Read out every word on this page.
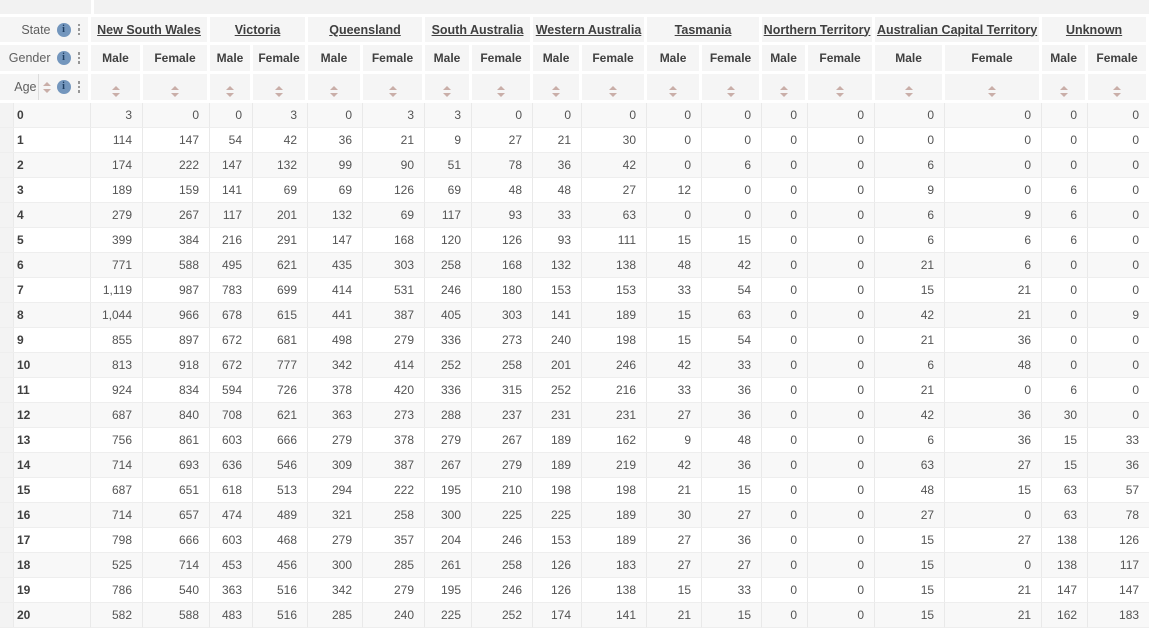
State i	New South Wales		Victoria		Queensland		South Australia		Western Australia		Tasmania		Northern Territory		Australian Capital Territory		Unknown	

Gender i	Male	Female	Male	Female	Male	Female	Male	Female	Male	Female	Male	Female	Male	Female	Male	Female	Male	Female

Age i																		

0	3	0	0	3	0	3	3	0	0	0	0	0	0	0	0	0	0	0
1	114	147	54	42	36	21	9	27	21	30	0	0	0	0	0	0	0	0
2	174	222	147	132	99	90	51	78	36	42	0	6	0	0	6	0	0	0
3	189	159	141	69	69	126	69	48	48	27	12	0	0	0	9	0	6	0
4	279	267	117	201	132	69	117	93	33	63	0	0	0	0	6	9	6	0
5	399	384	216	291	147	168	120	126	93	111	15	15	0	0	6	6	6	0
6	771	588	495	621	435	303	258	168	132	138	48	42	0	0	21	6	0	0
7	1,119	987	783	699	414	531	246	180	153	153	33	54	0	0	15	21	0	0
8	1,044	966	678	615	441	387	405	303	141	189	15	63	0	0	42	21	0	9
9	855	897	672	681	498	279	336	273	240	198	15	54	0	0	21	36	0	0
10	813	918	672	777	342	414	252	258	201	246	42	33	0	0	6	48	0	0
11	924	834	594	726	378	420	336	315	252	216	33	36	0	0	21	0	6	0
12	687	840	708	621	363	273	288	237	231	231	27	36	0	0	42	36	30	0
13	756	861	603	666	279	378	279	267	189	162	9	48	0	0	6	36	15	33
14	714	693	636	546	309	387	267	279	189	219	42	36	0	0	63	27	15	36
15	687	651	618	513	294	222	195	210	198	198	21	15	0	0	48	15	63	57
16	714	657	474	489	321	258	300	225	225	189	30	27	0	0	27	0	63	78
17	798	666	603	468	279	357	204	246	153	189	27	36	0	0	15	27	138	126
18	525	714	453	456	300	285	261	258	126	183	27	27	0	0	15	0	138	117
19	786	540	363	516	342	279	195	246	126	138	15	33	0	0	15	21	147	147
20	582	588	483	516	285	240	225	252	174	141	21	15	0	0	15	21	162	183
